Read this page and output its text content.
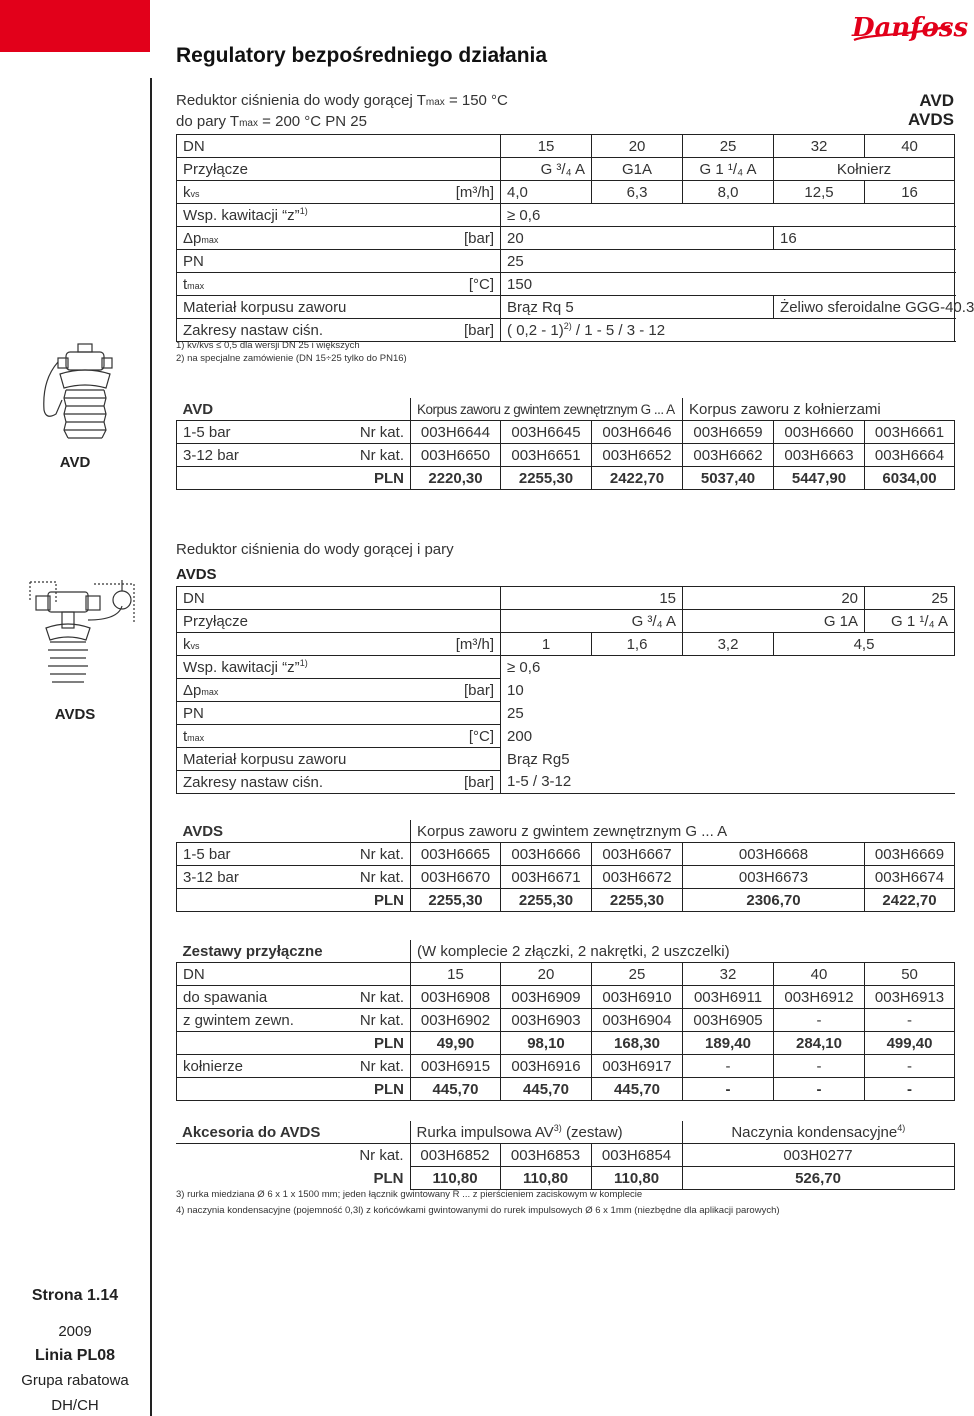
Danfoss
Regulatory bezpośredniego działania
1
Reduktor ciśnienia do wody gorącej Tmax = 150 °C
do pary Tmax = 200 °C PN 25
AVD
AVDS
DN		15	20	25	32	40	
Przyłącze		G ³/₄ A	G1A	G 1 ¹/₄ A	Kołnierz		
kvs	[m³/h]	4,0	6,3	8,0	12,5	16	
Wsp. kawitacji “z”$^{1)}$		≥ 0,6					
Δpmax	[bar]	20			16		
PN		25					
tmax	[°C]	150					
Materiał korpusu zaworu		Brąz Rq 5			Żeliwo sferoidalne GGG-40.3		
Zakresy nastaw ciśn.	[bar]	( 0,2 - 1)$^{2)}$ / 1 - 5 / 3 - 12					
1) kv/kvs ≤ 0,5 dla wersji DN 25 i większych
2) na specjalne zamówienie (DN 15÷25 tylko do PN16)
AVD
AVD		Korpus zaworu z gwintem zewnętrznym G ... A			Korpus zaworu z kołnierzami		
1-5 bar	Nr kat.	003H6644	003H6645	003H6646	003H6659	003H6660	003H6661
3-12 bar	Nr kat.	003H6650	003H6651	003H6652	003H6662	003H6663	003H6664
	PLN	2220,30	2255,30	2422,70	5037,40	5447,90	6034,00
Reduktor ciśnienia do wody gorącej i pary
AVDS
DN		15		20		25	
Przyłącze		G ³/₄ A		G 1A		G 1 ¹/₄ A	
kvs	[m³/h]	1	1,6	3,2	4,5	
Wsp. kawitacji “z”$^{1)}$		≥ 0,6					
Δpmax	[bar]	10					
PN		25					
tmax	[°C]	200					
Materiał korpusu zaworu		Brąz Rg5					
Zakresy nastaw ciśn.	[bar]	1-5 / 3-12					
AVDS
AVDS		Korpus zaworu z gwintem zewnętrznym G ... A				
1-5 bar	Nr kat.	003H6665	003H6666	003H6667	003H6668	003H6669
3-12 bar	Nr kat.	003H6670	003H6671	003H6672	003H6673	003H6674
	PLN	2255,30	2255,30	2255,30	2306,70	2422,70
Zestawy przyłączne		(W komplecie 2 złączki, 2 nakrętki, 2 uszczelki)					
DN		15	20	25	32	40	50
do spawania	Nr kat.	003H6908	003H6909	003H6910	003H6911	003H6912	003H6913
z gwintem zewn.	Nr kat.	003H6902	003H6903	003H6904	003H6905	-	-
	PLN	49,90	98,10	168,30	189,40	284,10	499,40
kołnierze	Nr kat.	003H6915	003H6916	003H6917	-	-	-
	PLN	445,70	445,70	445,70	-	-	-
Akcesoria do AVDS		Rurka impulsowa AV$^{3)}$ (zestaw)			Naczynia kondensacyjne$^{4)}$
	Nr kat.	003H6852	003H6853	003H6854	003H0277
	PLN	110,80	110,80	110,80	526,70
3) rurka miedziana Ø 6 x 1 x 1500 mm; jeden łącznik gwintowany R ... z pierścieniem zaciskowym w komplecie
4) naczynia kondensacyjne (pojemność 0,3l) z końcówkami gwintowanymi do rurek impulsowych Ø 6 x 1mm (niezbędne dla aplikacji parowych)
Strona 1.14
2009
Linia PL08
Grupa rabatowa
DH/CH
